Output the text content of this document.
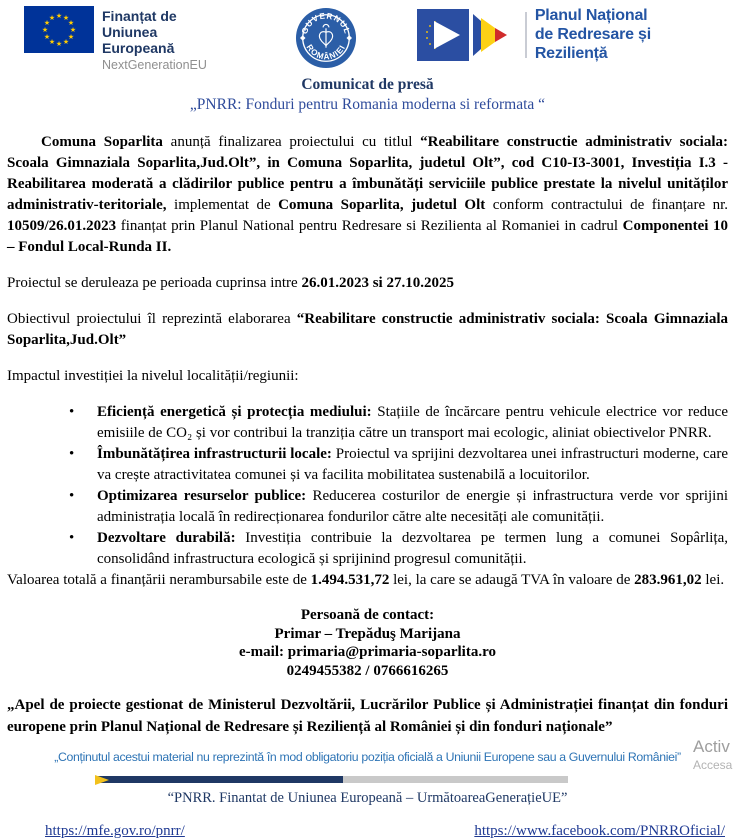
★ ★
★
★
★
★
★
★
★
★
★
★	Finanțat de
Uniunea Europeană
NextGenerationEU
GUVERNUL
ROMÂNIEI
Planul Național
de Redresare și Reziliență
Comunicat de presă
„PNRR: Fonduri pentru Romania moderna si reformata “

Comuna Soparlita anunță finalizarea proiectului cu titlul “Reabilitare constructie administrativ sociala: Scoala Gimnaziala Soparlita,Jud.Olt”, in Comuna Soparlita, judetul Olt”, cod C10-I3-3001, Investiția I.3 - Reabilitarea moderată a clădirilor publice pentru a îmbunătăți serviciile publice prestate la nivelul unităților administrativ-teritoriale, implementat de Comuna Soparlita, judetul Olt conform contractului de finanțare nr. 10509/26.01.2023 finanțat prin Planul National pentru Redresare si Rezilienta al Romaniei in cadrul Componentei 10 – Fondul Local-Runda II.

Proiectul se deruleaza pe perioada cuprinsa intre 26.01.2023 si 27.10.2025

Obiectivul proiectului îl reprezintă elaborarea “Reabilitare constructie administrativ sociala: Scoala Gimnaziala Soparlita,Jud.Olt”

Impactul investiției la nivelul localității/regiunii:

• Eficiență energetică și protecția mediului: Stațiile de încărcare pentru vehicule electrice vor reduce emisiile de CO₂ și vor contribui la tranziția către un transport mai ecologic, aliniat obiectivelor PNRR.
• Îmbunătățirea infrastructurii locale: Proiectul va sprijini dezvoltarea unei infrastructuri moderne, care va crește atractivitatea comunei și va facilita mobilitatea sustenabilă a locuitorilor.
• Optimizarea resurselor publice: Reducerea costurilor de energie și infrastructura verde vor sprijini administrația locală în redirecționarea fondurilor către alte necesități ale comunității.
• Dezvoltare durabilă: Investiția contribuie la dezvoltarea pe termen lung a comunei Sopârlița, consolidând infrastructura ecologică și sprijinind progresul comunității.

Valoarea totală a finanțării nerambursabile este de 1.494.531,72 lei, la care se adaugă TVA în valoare de 283.961,02 lei.

Persoană de contact:
Primar – Trepăduş Marijana
e-mail: primaria@primaria-soparlita.ro
0249455382 / 0766616265
„Apel de proiecte gestionat de Ministerul Dezvoltării, Lucrărilor Publice și Administrației finanțat din fonduri europene prin Planul Național de Redresare și Reziliență al României și din fonduri naționale”
„Conținutul acestui material nu reprezintă în mod obligatoriu poziția oficială a Uniunii Europene sau a Guvernului României”
“PNRR. Finantat de Uniunea Europeană – UrmătoareaGenerațieUE”
https://mfe.gov.ro/pnrr/	https://www.facebook.com/PNRROficial/
Activ
Accesa
